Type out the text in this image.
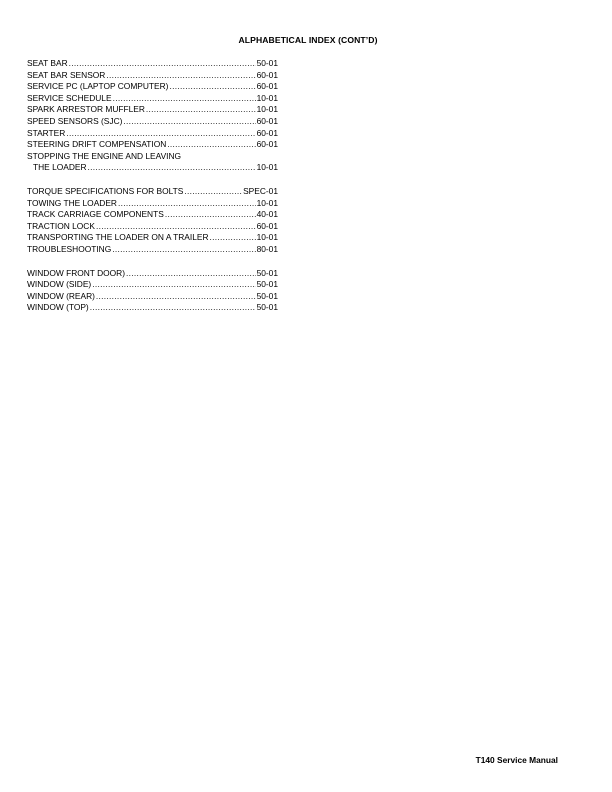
ALPHABETICAL INDEX (CONT’D)
SEAT BAR .....	50-01
SEAT BAR SENSOR .....	60-01
SERVICE PC (LAPTOP COMPUTER) .....	60-01
SERVICE SCHEDULE .....	10-01
SPARK ARRESTOR MUFFLER .....	10-01
SPEED SENSORS (SJC) .....	60-01
STARTER .....	60-01
STEERING DRIFT COMPENSATION .....	60-01
STOPPING THE ENGINE AND LEAVING
THE LOADER .....	10-01
TORQUE SPECIFICATIONS FOR BOLTS .....	SPEC-01
TOWING THE LOADER .....	10-01
TRACK CARRIAGE COMPONENTS .....	40-01
TRACTION LOCK .....	60-01
TRANSPORTING THE LOADER ON A TRAILER .....	10-01
TROUBLESHOOTING .....	80-01
WINDOW FRONT DOOR) .....	50-01
WINDOW (SIDE) .....	50-01
WINDOW (REAR) .....	50-01
WINDOW (TOP) .....	50-01
T140 Service Manual
